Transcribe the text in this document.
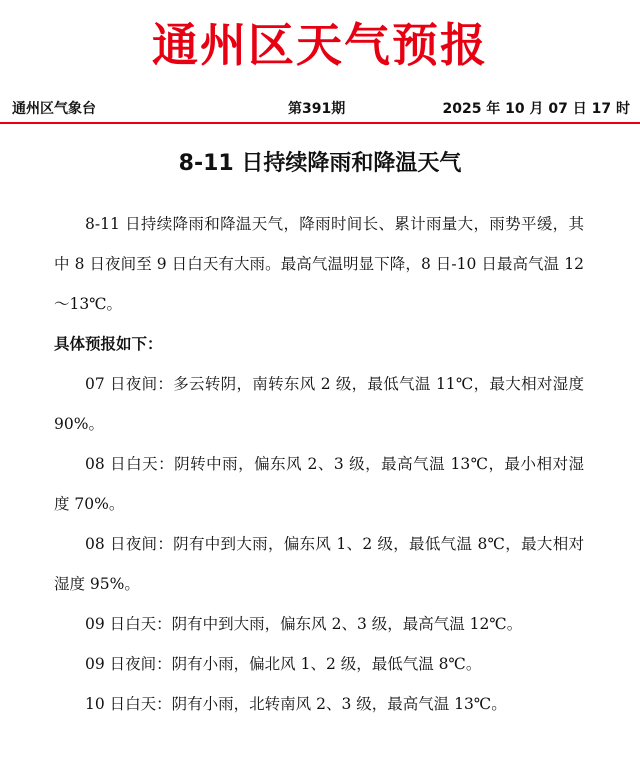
通州区天气预报
通州区气象台	第391期	2025 年 10 月 07 日 17 时
8-11 日持续降雨和降温天气

8-11 日持续降雨和降温天气，降雨时间长、累计雨量大，雨势平缓，其中 8 日夜间至 9 日白天有大雨。最高气温明显下降，8 日-10 日最高气温 12～13℃。

具体预报如下：

07 日夜间：多云转阴，南转东风 2 级，最低气温 11℃，最大相对湿度 90%。

08 日白天：阴转中雨，偏东风 2、3 级，最高气温 13℃，最小相对湿度 70%。

08 日夜间：阴有中到大雨，偏东风 1、2 级，最低气温 8℃，最大相对湿度 95%。

09 日白天：阴有中到大雨，偏东风 2、3 级，最高气温 12℃。

09 日夜间：阴有小雨，偏北风 1、2 级，最低气温 8℃。

10 日白天：阴有小雨，北转南风 2、3 级，最高气温 13℃。
